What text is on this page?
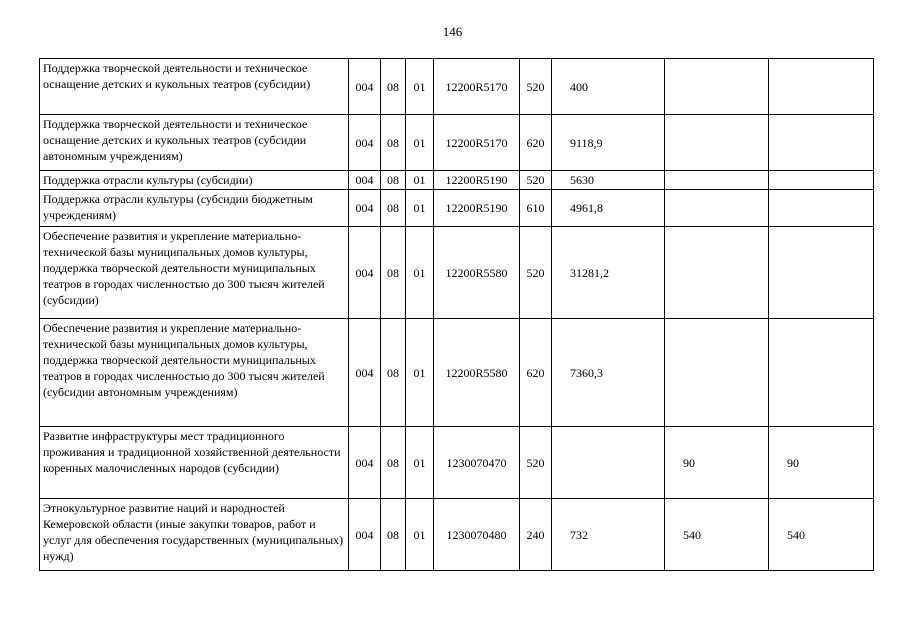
146
Поддержка творческой деятельности и техническое оснащение детских и кукольных театров (субсидии)	004	08	01	12200R5170	520	400		
Поддержка творческой деятельности и техническое оснащение детских и кукольных театров (субсидии автономным учреждениям)	004	08	01	12200R5170	620	9118,9		
Поддержка отрасли культуры (субсидии)	004	08	01	12200R5190	520	5630		
Поддержка отрасли культуры (субсидии бюджетным учреждениям)	004	08	01	12200R5190	610	4961,8		
Обеспечение развития и укрепление материально-технической базы муниципальных домов культуры, поддержка творческой деятельности муниципальных театров в городах численностью до 300 тысяч жителей (субсидии)	004	08	01	12200R5580	520	31281,2		
Обеспечение развития и укрепление материально-технической базы муниципальных домов культуры, поддержка творческой деятельности муниципальных театров в городах численностью до 300 тысяч жителей (субсидии автономным учреждениям)	004	08	01	12200R5580	620	7360,3		
Развитие инфраструктуры мест традиционного проживания и традиционной хозяйственной деятельности коренных малочисленных народов (субсидии)	004	08	01	1230070470	520		90	90
Этнокультурное развитие наций и народностей Кемеровской области (иные закупки товаров, работ и услуг для обеспечения государственных (муниципальных) нужд)	004	08	01	1230070480	240	732	540	540
